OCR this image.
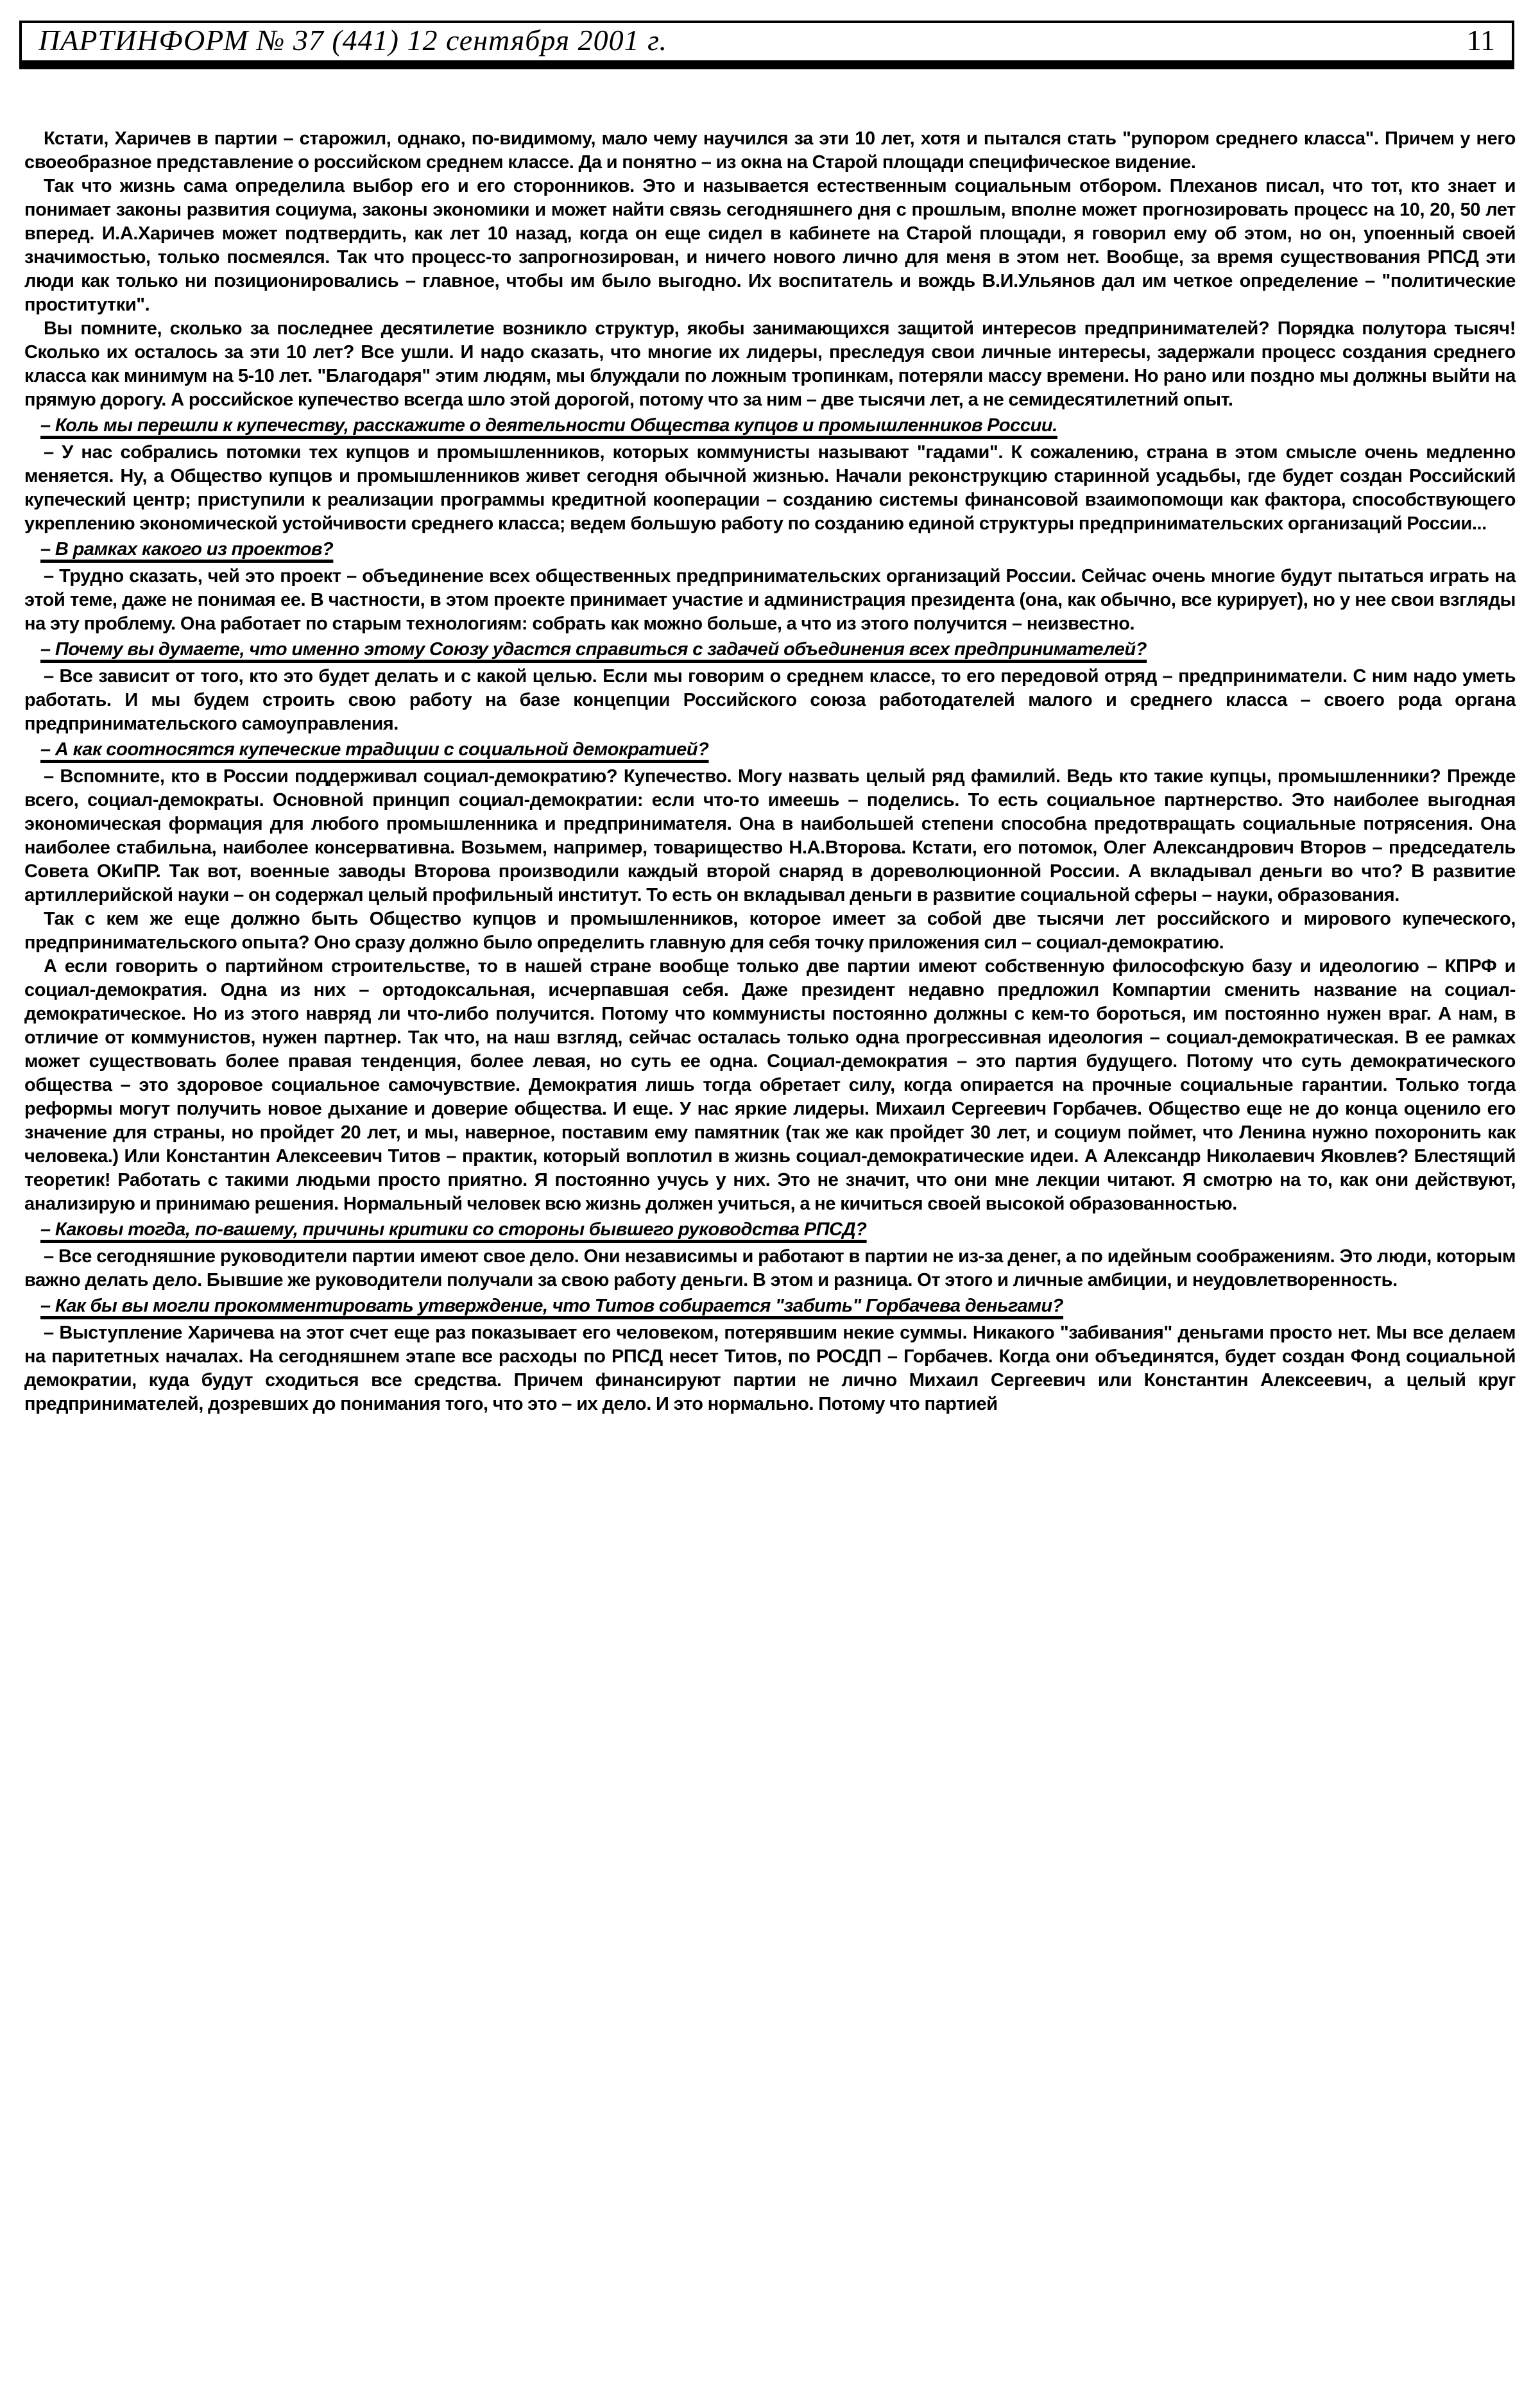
ПАРТИНФОРМ № 37 (441) 12 сентября 2001 г.	11

Кстати, Харичев в партии – старожил, однако, по-видимому, мало чему научился за эти 10 лет, хотя и пытался стать "рупором среднего класса". Причем у него своеобразное представление о российском среднем классе. Да и понятно – из окна на Старой площади специфическое видение.

Так что жизнь сама определила выбор его и его сторонников. Это и называется естественным социальным отбором. Плеханов писал, что тот, кто знает и понимает законы развития социума, законы экономики и может найти связь сегодняшнего дня с прошлым, вполне может прогнозировать процесс на 10, 20, 50 лет вперед. И.А.Харичев может подтвердить, как лет 10 назад, когда он еще сидел в кабинете на Старой площади, я говорил ему об этом, но он, упоенный своей значимостью, только посмеялся. Так что процесс-то запрогнозирован, и ничего нового лично для меня в этом нет. Вообще, за время существования РПСД эти люди как только ни позиционировались – главное, чтобы им было выгодно. Их воспитатель и вождь В.И.Ульянов дал им четкое определение – "политические проститутки".

Вы помните, сколько за последнее десятилетие возникло структур, якобы занимающихся защитой интересов предпринимателей? Порядка полутора тысяч! Сколько их осталось за эти 10 лет? Все ушли. И надо сказать, что многие их лидеры, преследуя свои личные интересы, задержали процесс создания среднего класса как минимум на 5-10 лет. "Благодаря" этим людям, мы блуждали по ложным тропинкам, потеряли массу времени. Но рано или поздно мы должны выйти на прямую дорогу. А российское купечество всегда шло этой дорогой, потому что за ним – две тысячи лет, а не семидесятилетний опыт.

– Коль мы перешли к купечеству, расскажите о деятельности Общества купцов и промышленников России.

– У нас собрались потомки тех купцов и промышленников, которых коммунисты называют "гадами". К сожалению, страна в этом смысле очень медленно меняется. Ну, а Общество купцов и промышленников живет сегодня обычной жизнью. Начали реконструкцию старинной усадьбы, где будет создан Российский купеческий центр; приступили к реализации программы кредитной кооперации – созданию системы финансовой взаимопомощи как фактора, способствующего укреплению экономической устойчивости среднего класса; ведем большую работу по созданию единой структуры предпринимательских организаций России...

– В рамках какого из проектов?

– Трудно сказать, чей это проект – объединение всех общественных предпринимательских организаций России. Сейчас очень многие будут пытаться играть на этой теме, даже не понимая ее. В частности, в этом проекте принимает участие и администрация президента (она, как обычно, все курирует), но у нее свои взгляды на эту проблему. Она работает по старым технологиям: собрать как можно больше, а что из этого получится – неизвестно.

– Почему вы думаете, что именно этому Союзу удастся справиться с задачей объединения всех предпринимателей?

– Все зависит от того, кто это будет делать и с какой целью. Если мы говорим о среднем классе, то его передовой отряд – предприниматели. С ним надо уметь работать. И мы будем строить свою работу на базе концепции Российского союза работодателей малого и среднего класса – своего рода органа предпринимательского самоуправления.

– А как соотносятся купеческие традиции с социальной демократией?

– Вспомните, кто в России поддерживал социал-демократию? Купечество. Могу назвать целый ряд фамилий. Ведь кто такие купцы, промышленники? Прежде всего, социал-демократы. Основной принцип социал-демократии: если что-то имеешь – поделись. То есть социальное партнерство. Это наиболее выгодная экономическая формация для любого промышленника и предпринимателя. Она в наибольшей степени способна предотвращать социальные потрясения. Она наиболее стабильна, наиболее консервативна. Возьмем, например, товарищество Н.А.Второва. Кстати, его потомок, Олег Александрович Второв – председатель Совета ОКиПР. Так вот, военные заводы Второва производили каждый второй снаряд в дореволюционной России. А вкладывал деньги во что? В развитие артиллерийской науки – он содержал целый профильный институт. То есть он вкладывал деньги в развитие социальной сферы – науки, образования.

Так с кем же еще должно быть Общество купцов и промышленников, которое имеет за собой две тысячи лет российского и мирового купеческого, предпринимательского опыта? Оно сразу должно было определить главную для себя точку приложения сил – социал-демократию.

А если говорить о партийном строительстве, то в нашей стране вообще только две партии имеют собственную философскую базу и идеологию – КПРФ и социал-демократия. Одна из них – ортодоксальная, исчерпавшая себя. Даже президент недавно предложил Компартии сменить название на социал-демократическое. Но из этого навряд ли что-либо получится. Потому что коммунисты постоянно должны с кем-то бороться, им постоянно нужен враг. А нам, в отличие от коммунистов, нужен партнер. Так что, на наш взгляд, сейчас осталась только одна прогрессивная идеология – социал-демократическая. В ее рамках может существовать более правая тенденция, более левая, но суть ее одна. Социал-демократия – это партия будущего. Потому что суть демократического общества – это здоровое социальное самочувствие. Демократия лишь тогда обретает силу, когда опирается на прочные социальные гарантии. Только тогда реформы могут получить новое дыхание и доверие общества. И еще. У нас яркие лидеры. Михаил Сергеевич Горбачев. Общество еще не до конца оценило его значение для страны, но пройдет 20 лет, и мы, наверное, поставим ему памятник (так же как пройдет 30 лет, и социум поймет, что Ленина нужно похоронить как человека.) Или Константин Алексеевич Титов – практик, который воплотил в жизнь социал-демократические идеи. А Александр Николаевич Яковлев? Блестящий теоретик! Работать с такими людьми просто приятно. Я постоянно учусь у них. Это не значит, что они мне лекции читают. Я смотрю на то, как они действуют, анализирую и принимаю решения. Нормальный человек всю жизнь должен учиться, а не кичиться своей высокой образованностью.

– Каковы тогда, по-вашему, причины критики со стороны бывшего руководства РПСД?

– Все сегодняшние руководители партии имеют свое дело. Они независимы и работают в партии не из-за денег, а по идейным соображениям. Это люди, которым важно делать дело. Бывшие же руководители получали за свою работу деньги. В этом и разница. От этого и личные амбиции, и неудовлетворенность.

– Как бы вы могли прокомментировать утверждение, что Титов собирается "забить" Горбачева деньгами?

– Выступление Харичева на этот счет еще раз показывает его человеком, потерявшим некие суммы. Никакого "забивания" деньгами просто нет. Мы все делаем на паритетных началах. На сегодняшнем этапе все расходы по РПСД несет Титов, по РОСДП – Горбачев. Когда они объединятся, будет создан Фонд социальной демократии, куда будут сходиться все средства. Причем финансируют партии не лично Михаил Сергеевич или Константин Алексеевич, а целый круг предпринимателей, дозревших до понимания того, что это – их дело. И это нормально. Потому что партией
